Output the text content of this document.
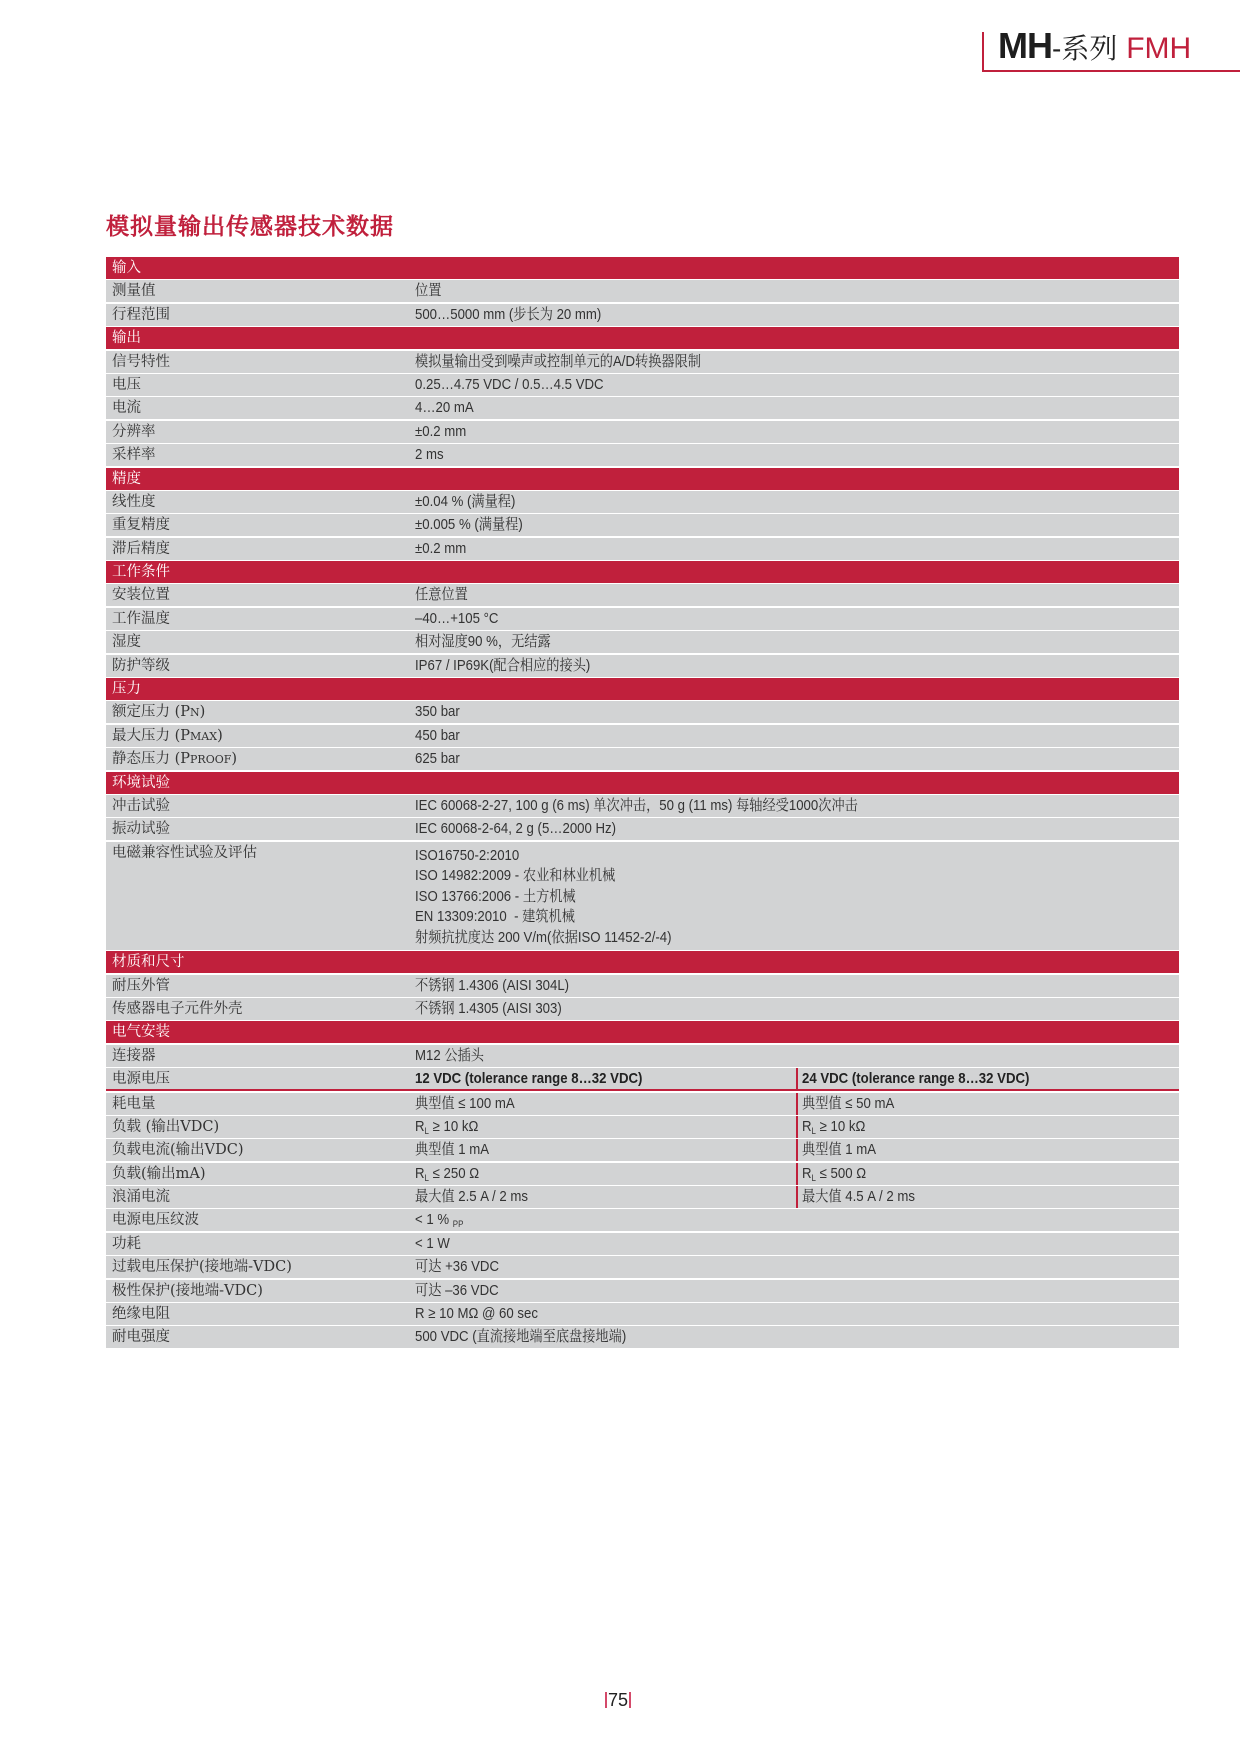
MH-系列 FMH
模拟量输出传感器技术数据
输入
测量值	位置
行程范围	500…5000 mm (步长为 20 mm)
输出
信号特性	模拟量输出受到噪声或控制单元的A/D转换器限制
电压	0.25…4.75 VDC / 0.5…4.5 VDC
电流	4…20 mA
分辨率	±0.2 mm
采样率	2 ms
精度
线性度	±0.04 % (满量程)
重复精度	±0.005 % (满量程)
滞后精度	±0.2 mm
工作条件
安装位置	任意位置
工作温度	–40…+105 °C
湿度	相对湿度90 %，无结露
防护等级	IP67 / IP69K(配合相应的接头)
压力
额定压力 (PN)	350 bar
最大压力 (PMAX)	450 bar
静态压力 (PPROOF)	625 bar
环境试验
冲击试验	IEC 60068-2-27, 100 g (6 ms) 单次冲击，50 g (11 ms) 每轴经受1000次冲击
振动试验	IEC 60068-2-64, 2 g (5…2000 Hz)
电磁兼容性试验及评估	ISO16750-2:2010
ISO 14982:2009 - 农业和林业机械
ISO 13766:2006 - 土方机械
EN 13309:2010  - 建筑机械
射频抗扰度达 200 V/m(依据ISO 11452-2/-4)
材质和尺寸
耐压外管	不锈钢 1.4306 (AISI 304L)
传感器电子元件外壳	不锈钢 1.4305 (AISI 303)
电气安装
连接器	M12 公插头
电源电压	12 VDC (tolerance range 8…32 VDC)	24 VDC (tolerance range 8…32 VDC)
耗电量	典型值 ≤ 100 mA	典型值 ≤ 50 mA
负载 (输出VDC)	$R_L \ge 10$ kΩ	$R_L \ge 10$ kΩ
负载电流(输出VDC)	典型值 1 mA	典型值 1 mA
负载(输出mA)	$R_L \le 250$ Ω	$R_L \le 500$ Ω
浪涌电流	最大值 2.5 A / 2 ms	最大值 4.5 A / 2 ms
电源电压纹波	< 1 % $_{PP}$
功耗	< 1 W
过载电压保护(接地端-VDC)	可达 +36 VDC
极性保护(接地端-VDC)	可达 –36 VDC
绝缘电阻	R ≥ 10 MΩ @ 60 sec
耐电强度	500 VDC (直流接地端至底盘接地端)
75
